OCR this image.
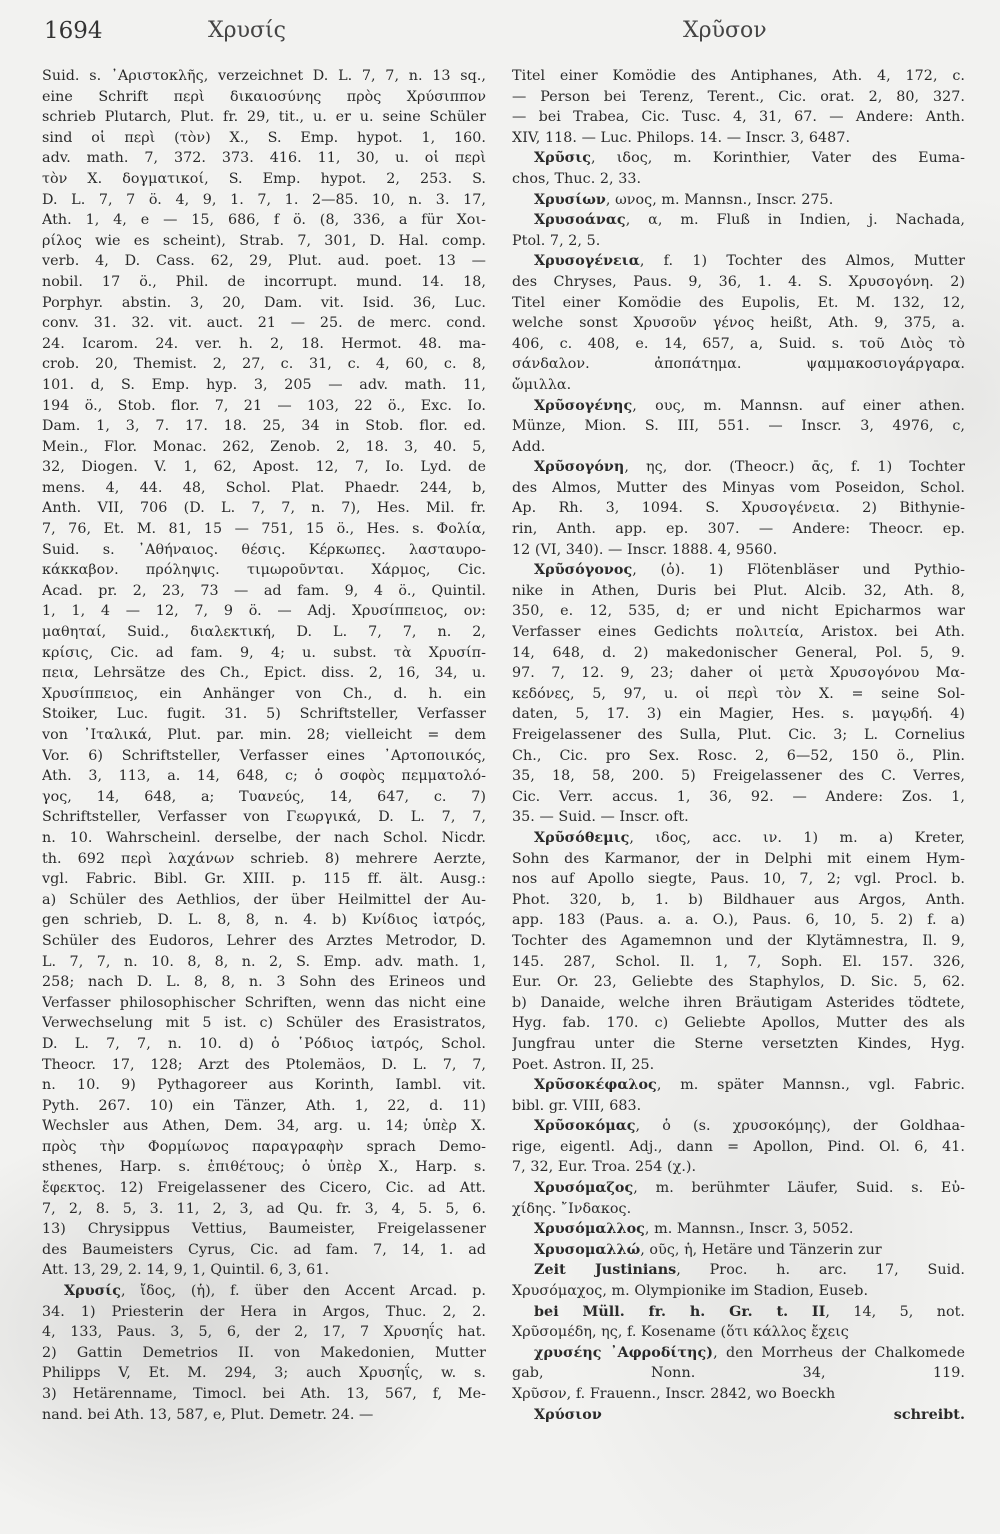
1694	Χρυσίς	Χρῦσον
Suid. s. ᾿Αριστοκλῆς, verzeichnet D. L. 7, 7, n. 13 sq.,
eine Schrift περὶ δικαιοσύνης πρὸς Χρύσιππον
schrieb Plutarch, Plut. fr. 29, tit., u. er u. seine Schüler
sind οἱ περὶ (τὸν) X., S. Emp. hypot. 1, 160.
adv. math. 7, 372. 373. 416. 11, 30, u. οἱ περὶ
τὸν X. δογματικοί, S. Emp. hypot. 2, 253. S.
D. L. 7, 7 ö. 4, 9, 1. 7, 1. 2—85. 10, n. 3. 17,
Ath. 1, 4, e — 15, 686, f ö. (8, 336, a für Χοι-
ρίλος wie es scheint), Strab. 7, 301, D. Hal. comp.
verb. 4, D. Cass. 62, 29, Plut. aud. poet. 13 —
nobil. 17 ö., Phil. de incorrupt. mund. 14. 18,
Porphyr. abstin. 3, 20, Dam. vit. Isid. 36, Luc.
conv. 31. 32. vit. auct. 21 — 25. de merc. cond.
24. Icarom. 24. ver. h. 2, 18. Hermot. 48. ma-
crob. 20, Themist. 2, 27, c. 31, c. 4, 60, c. 8,
101. d, S. Emp. hyp. 3, 205 — adv. math. 11,
194 ö., Stob. flor. 7, 21 — 103, 22 ö., Exc. Io.
Dam. 1, 3, 7. 17. 18. 25, 34 in Stob. flor. ed.
Mein., Flor. Monac. 262, Zenob. 2, 18. 3, 40. 5,
32, Diogen. V. 1, 62, Apost. 12, 7, Io. Lyd. de
mens. 4, 44. 48, Schol. Plat. Phaedr. 244, b,
Anth. VII, 706 (D. L. 7, 7, n. 7), Hes. Mil. fr.
7, 76, Et. M. 81, 15 — 751, 15 ö., Hes. s. Φολία,
Suid. s. ᾿Αθήναιος. θέσις. Κέρκωπες. λασταυρο-
κάκκαβον. πρόληψις. τιμωροῦνται. Χάρμος, Cic.
Acad. pr. 2, 23, 73 — ad fam. 9, 4 ö., Quintil.
1, 1, 4 — 12, 7, 9 ö. — Adj. Χρυσίππειος, ον:
μαθηταί, Suid., διαλεκτική, D. L. 7, 7, n. 2,
κρίσις, Cic. ad fam. 9, 4; u. subst. τὰ Χρυσίπ-
πεια, Lehrsätze des Ch., Epict. diss. 2, 16, 34, u.
Χρυσίππειος, ein Anhänger von Ch., d. h. ein
Stoiker, Luc. fugit. 31. 5) Schriftsteller, Verfasser
von ᾿Ιταλικά, Plut. par. min. 28; vielleicht = dem
Vor. 6) Schriftsteller, Verfasser eines ᾿Αρτοποιικός,
Ath. 3, 113, a. 14, 648, c; ὁ σοφὸς πεμματολό-
γος, 14, 648, a; Τυανεύς, 14, 647, c. 7)
Schriftsteller, Verfasser von Γεωργικά, D. L. 7, 7,
n. 10. Wahrscheinl. derselbe, der nach Schol. Nicdr.
th. 692 περὶ λαχάνων schrieb. 8) mehrere Aerzte,
vgl. Fabric. Bibl. Gr. XIII. p. 115 ff. ält. Ausg.:
a) Schüler des Aethlios, der über Heilmittel der Au-
gen schrieb, D. L. 8, 8, n. 4. b) Κνίδιος ἰατρός,
Schüler des Eudoros, Lehrer des Arztes Metrodor, D.
L. 7, 7, n. 10. 8, 8, n. 2, S. Emp. adv. math. 1,
258; nach D. L. 8, 8, n. 3 Sohn des Erineos und
Verfasser philosophischer Schriften, wenn das nicht eine
Verwechselung mit 5 ist. c) Schüler des Erasistratos,
D. L. 7, 7, n. 10. d) ὁ ῾Ρόδιος ἰατρός, Schol.
Theocr. 17, 128; Arzt des Ptolemäos, D. L. 7, 7,
n. 10. 9) Pythagoreer aus Korinth, Iambl. vit.
Pyth. 267. 10) ein Tänzer, Ath. 1, 22, d. 11)
Wechsler aus Athen, Dem. 34, arg. u. 14; ὑπὲρ X.
πρὸς τὴν Φορμίωνος παραγραφὴν sprach Demo-
sthenes, Harp. s. ἐπιθέτους; ὁ ὑπὲρ X., Harp. s.
ἔφεκτος. 12) Freigelassener des Cicero, Cic. ad Att.
7, 2, 8. 5, 3. 11, 2, 3, ad Qu. fr. 3, 4, 5. 5, 6.
13) Chrysippus Vettius, Baumeister, Freigelassener
des Baumeisters Cyrus, Cic. ad fam. 7, 14, 1. ad
Att. 13, 29, 2. 14, 9, 1, Quintil. 6, 3, 61.
Χρυσίς, ἴδος, (ἡ), f. über den Accent Arcad. p.
34. 1) Priesterin der Hera in Argos, Thuc. 2, 2.
4, 133, Paus. 3, 5, 6, der 2, 17, 7 Χρυσηΐς hat.
2) Gattin Demetrios II. von Makedonien, Mutter
Philipps V, Et. M. 294, 3; auch Χρυσηΐς, w. s.
3) Hetärenname, Timocl. bei Ath. 13, 567, f, Me-
nand. bei Ath. 13, 587, e, Plut. Demetr. 24. —
Titel einer Komödie des Antiphanes, Ath. 4, 172, c.
— Person bei Terenz, Terent., Cic. orat. 2, 80, 327.
— bei Trabea, Cic. Tusc. 4, 31, 67. — Andere: Anth.
XIV, 118. — Luc. Philops. 14. — Inscr. 3, 6487.
Χρῦσις, ιδος, m. Korinthier, Vater des Euma-
chos, Thuc. 2, 33.
Χρυσίων, ωνος, m. Mannsn., Inscr. 275.
Χρυσοάνας, α, m. Fluß in Indien, j. Nachada,
Ptol. 7, 2, 5.
Χρυσογένεια, f. 1) Tochter des Almos, Mutter
des Chryses, Paus. 9, 36, 1. 4. S. Χρυσογόνη. 2)
Titel einer Komödie des Eupolis, Et. M. 132, 12,
welche sonst Χρυσοῦν γένος heißt, Ath. 9, 375, a.
406, c. 408, e. 14, 657, a, Suid. s. τοῦ Διὸς τὸ
σάνδαλον. ἀποπάτημα. ψαμμακοσιογάργαρα.
ὤμιλλα.
Χρῦσογένης, ους, m. Mannsn. auf einer athen.
Münze, Mion. S. III, 551. — Inscr. 3, 4976, c,
Add.
Χρῦσογόνη, ης, dor. (Theocr.) ᾱς, f. 1) Tochter
des Almos, Mutter des Minyas vom Poseidon, Schol.
Ap. Rh. 3, 1094. S. Χρυσογένεια. 2) Bithynie-
rin, Anth. app. ep. 307. — Andere: Theocr. ep.
12 (VI, 340). — Inscr. 1888. 4, 9560.
Χρῦσόγονος, (ὁ). 1) Flötenbläser und Pythio-
nike in Athen, Duris bei Plut. Alcib. 32, Ath. 8,
350, e. 12, 535, d; er und nicht Epicharmos war
Verfasser eines Gedichts πολιτεία, Aristox. bei Ath.
14, 648, d. 2) makedonischer General, Pol. 5, 9.
97. 7, 12. 9, 23; daher οἱ μετὰ Χρυσογόνου Μα-
κεδόνες, 5, 97, u. οἱ περὶ τὸν X. = seine Sol-
daten, 5, 17. 3) ein Magier, Hes. s. μαγῳδή. 4)
Freigelassener des Sulla, Plut. Cic. 3; L. Cornelius
Ch., Cic. pro Sex. Rosc. 2, 6—52, 150 ö., Plin.
35, 18, 58, 200. 5) Freigelassener des C. Verres,
Cic. Verr. accus. 1, 36, 92. — Andere: Zos. 1,
35. — Suid. — Inscr. oft.
Χρῦσόθεμις, ιδος, acc. ιν. 1) m. a) Kreter,
Sohn des Karmanor, der in Delphi mit einem Hym-
nos auf Apollo siegte, Paus. 10, 7, 2; vgl. Procl. b.
Phot. 320, b, 1. b) Bildhauer aus Argos, Anth.
app. 183 (Paus. a. a. O.), Paus. 6, 10, 5. 2) f. a)
Tochter des Agamemnon und der Klytämnestra, Il. 9,
145. 287, Schol. Il. 1, 7, Soph. El. 157. 326,
Eur. Or. 23, Geliebte des Staphylos, D. Sic. 5, 62.
b) Danaide, welche ihren Bräutigam Asterides tödtete,
Hyg. fab. 170. c) Geliebte Apollos, Mutter des als
Jungfrau unter die Sterne versetzten Kindes, Hyg.
Poet. Astron. II, 25.
Χρῦσοκέφαλος, m. später Mannsn., vgl. Fabric.
bibl. gr. VIII, 683.
Χρῦσοκόμας, ὁ (s. χρυσοκόμης), der Goldhaa-
rige, eigentl. Adj., dann = Apollon, Pind. Ol. 6, 41.
7, 32, Eur. Troa. 254 (χ.).
Χρυσόμαζος, m. berühmter Läufer, Suid. s. Εὐ-
χίδης. ῎Ινδακος.
Χρυσόμαλλος, m. Mannsn., Inscr. 3, 5052.
Χρυσομαλλώ, οῦς, ἡ, Hetäre und Tänzerin zur
Zeit Justinians, Proc. h. arc. 17, Suid.
Χρυσόμαχος, m. Olympionike im Stadion, Euseb.
bei Müll. fr. h. Gr. t. II, 14, 5, not.
Χρῦσομέδη, ης, f. Kosename (ὅτι κάλλος ἔχεις
χρυσέης ᾿Αφροδίτης), den Morrheus der Chalkomede
gab, Nonn. 34, 119.
Χρῦσον, f. Frauenn., Inscr. 2842, wo Boeckh
Χρύσιον schreibt.
